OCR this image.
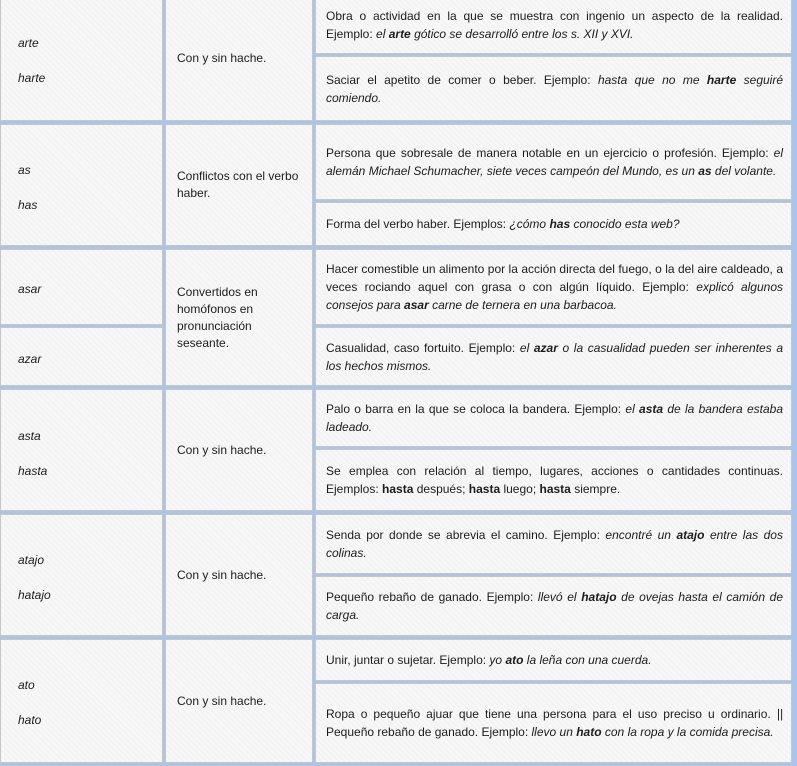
arte
harte
Con y sin hache.

Obra o actividad en la que se muestra con ingenio un aspecto de la realidad. Ejemplo: el arte gótico se desarrolló entre los s. XII y XVI.

Saciar el apetito de comer o beber. Ejemplo: hasta que no me harte seguiré comiendo.

as
has
Conflictos con el verbo haber.

Persona que sobresale de manera notable en un ejercicio o profesión. Ejemplo: el alemán Michael Schumacher, siete veces campeón del Mundo, es un as del volante.

Forma del verbo haber. Ejemplos: ¿cómo has conocido esta web?

asar
azar
Convertidos en homófonos en pronunciación seseante.

Hacer comestible un alimento por la acción directa del fuego, o la del aire caldeado, a veces rociando aquel con grasa o con algún líquido. Ejemplo: explicó algunos consejos para asar carne de ternera en una barbacoa.

Casualidad, caso fortuito. Ejemplo: el azar o la casualidad pueden ser inherentes a los hechos mismos.

asta
hasta
Con y sin hache.

Palo o barra en la que se coloca la bandera. Ejemplo: el asta de la bandera estaba ladeado.

Se emplea con relación al tiempo, lugares, acciones o cantidades continuas. Ejemplos: hasta después; hasta luego; hasta siempre.

atajo
hatajo
Con y sin hache.

Senda por donde se abrevia el camino. Ejemplo: encontré un atajo entre las dos colinas.

Pequeño rebaño de ganado. Ejemplo: llevó el hatajo de ovejas hasta el camión de carga.

ato
hato
Con y sin hache.

Unir, juntar o sujetar. Ejemplo: yo ato la leña con una cuerda.

Ropa o pequeño ajuar que tiene una persona para el uso preciso u ordinario. || Pequeño rebaño de ganado. Ejemplo: llevo un hato con la ropa y la comida precisa.
